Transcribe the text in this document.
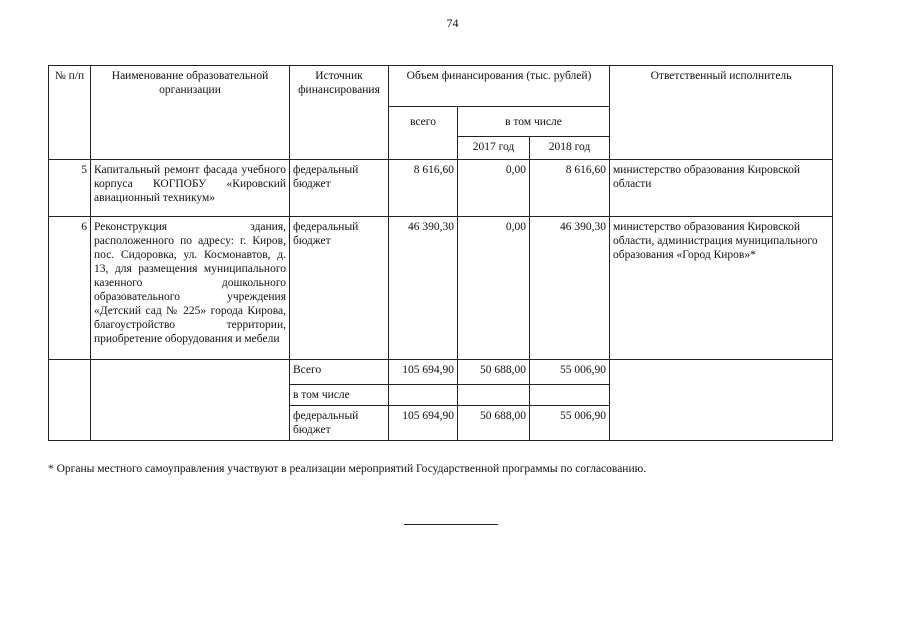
74
№ п/п	Наименование образовательной организации	Источник финансирования	Объем финансирования (тыс. рублей)			Ответственный исполнитель
			всего	в том числе		
				2017 год	2018 год	
5	Капитальный ремонт фасада учебного корпуса КОГПОБУ «Кировский авиационный техникум»	федеральный бюджет	8 616,60	0,00	8 616,60	министерство образования Кировской области
6	Реконструкция здания, расположенного по адресу: г. Киров, пос. Сидоровка, ул. Космонавтов, д. 13, для размещения муниципального казенного дошкольного образовательного учреждения «Детский сад № 225» города Кирова, благоустройство территории, приобретение оборудования и мебели	федеральный бюджет	46 390,30	0,00	46 390,30	министерство образования Кировской области, администрация муниципального образования «Город Киров»*
		Всего	105 694,90	50 688,00	55 006,90	
		в том числе				
		федеральный бюджет	105 694,90	50 688,00	55 006,90	
* Органы местного самоуправления участвуют в реализации мероприятий Государственной программы по согласованию.
